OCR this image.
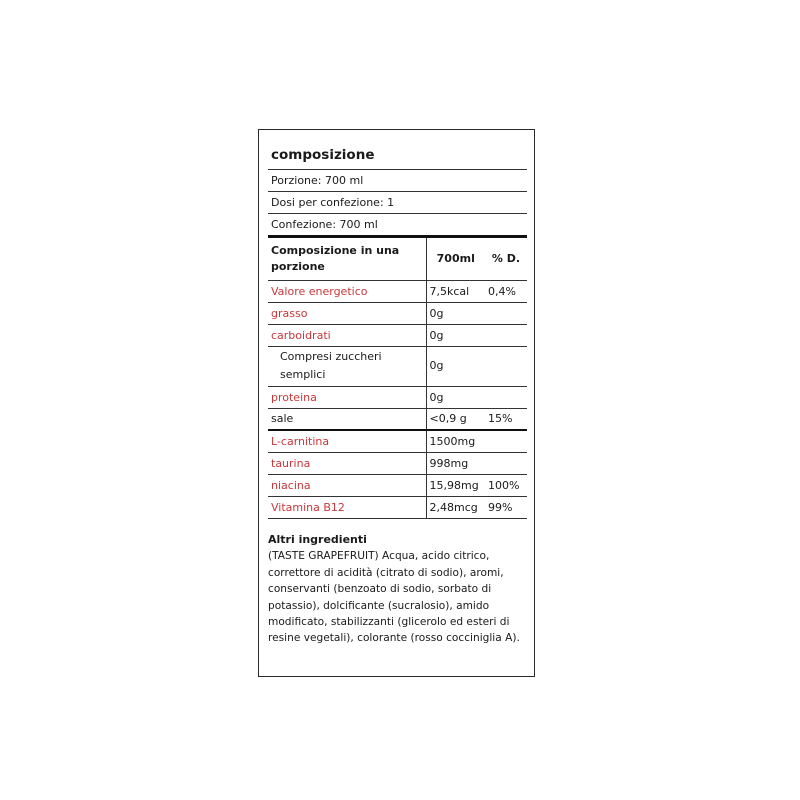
composizione
Porzione: 700 ml
Dosi per confezione: 1
Confezione: 700 ml
Composizione in una porzione	700ml	% D.
Valore energetico	7,5kcal	0,4%
grasso	0g	
carboidrati	0g	
Compresi zuccheri semplici	0g	
proteina	0g	
sale	<0,9 g	15%
L-carnitina	1500mg	
taurina	998mg	
niacina	15,98mg	100%
Vitamina B12	2,48mcg	99%
Altri ingredienti
(TASTE GRAPEFRUIT) Acqua, acido citrico, correttore di acidità (citrato di sodio), aromi, conservanti (benzoato di sodio, sorbato di potassio), dolcificante (sucralosio), amido modificato, stabilizzanti (glicerolo ed esteri di resine vegetali), colorante (rosso cocciniglia A).
